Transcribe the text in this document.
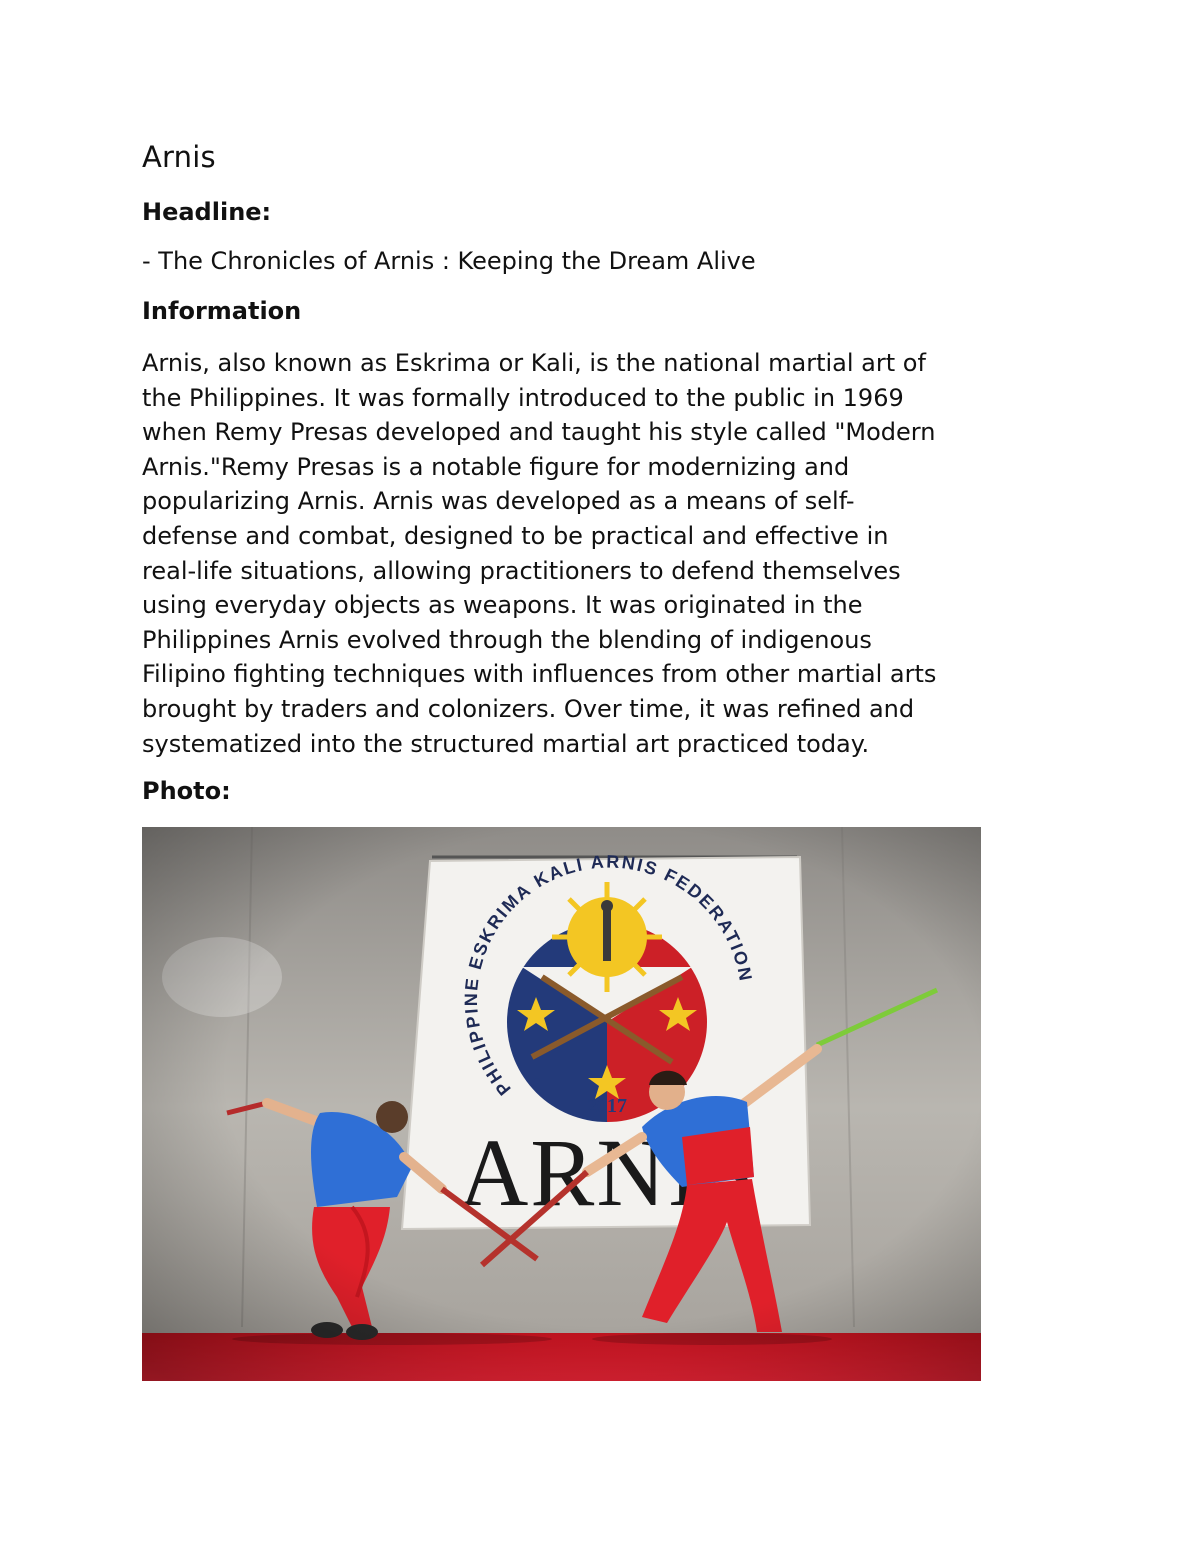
Arnis

Headline:

- The Chronicles of Arnis : Keeping the Dream Alive

Information

Arnis, also known as Eskrima or Kali, is the national martial art of
the Philippines. It was formally introduced to the public in 1969
when Remy Presas developed and taught his style called "Modern
Arnis."Remy Presas is a notable figure for modernizing and
popularizing Arnis. Arnis was developed as a means of self-
defense and combat, designed to be practical and effective in
real-life situations, allowing practitioners to defend themselves
using everyday objects as weapons. It was originated in the
Philippines Arnis evolved through the blending of indigenous
Filipino fighting techniques with influences from other martial arts
brought by traders and colonizers. Over time, it was refined and
systematized into the structured martial art practiced today.

Photo:
